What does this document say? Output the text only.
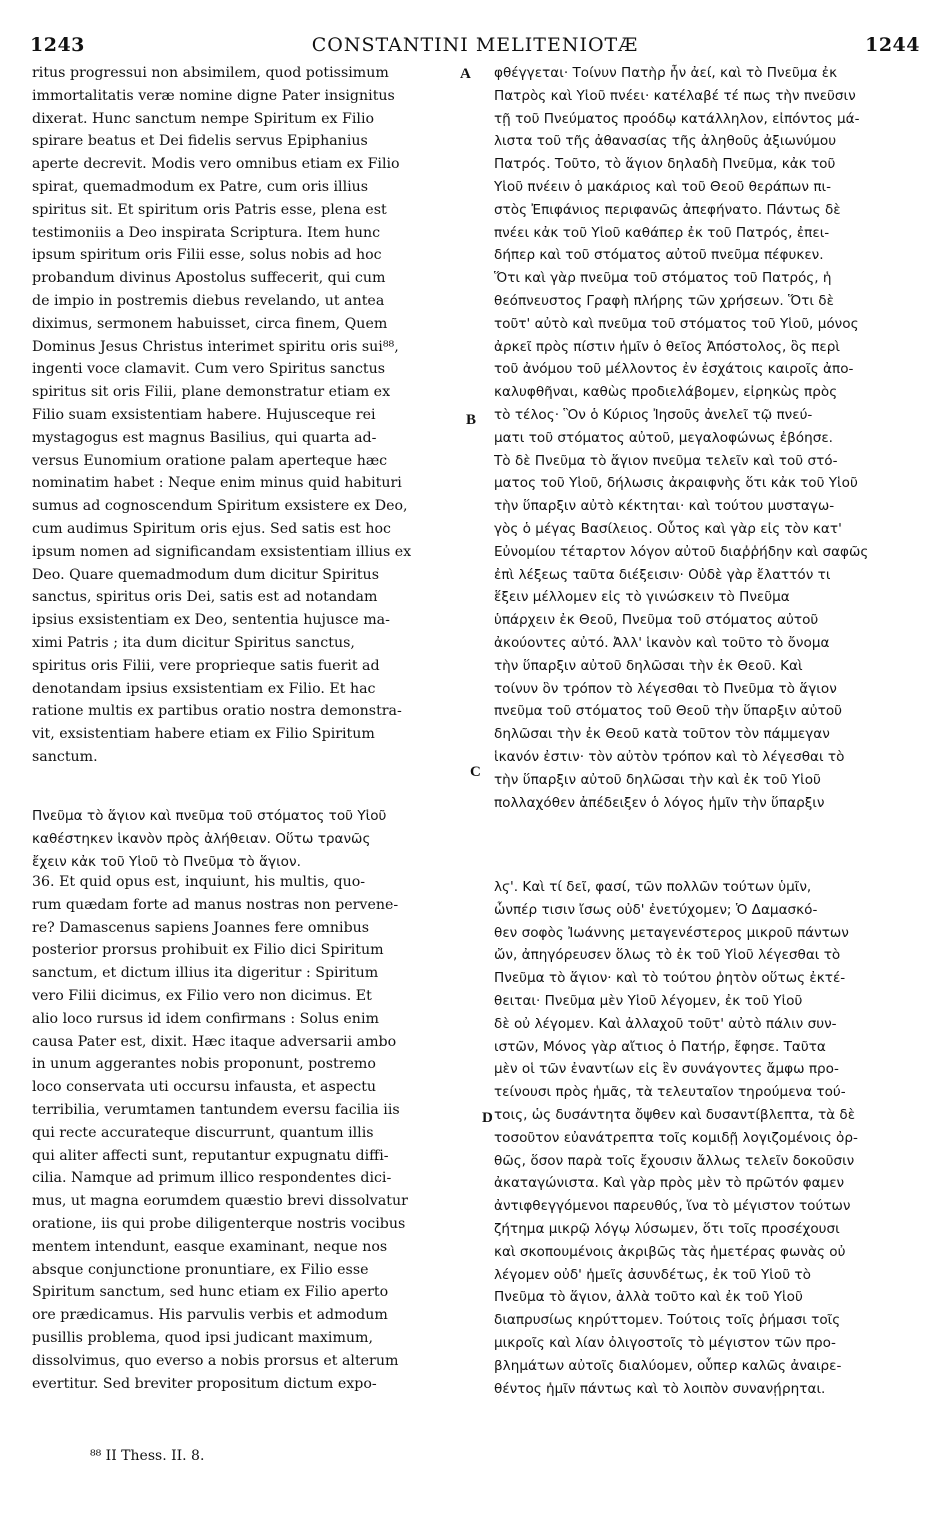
1243	CONSTANTINI MELITENIOTÆ	1244
ritus progressui non absimilem, quod potissimum
immortalitatis veræ nomine digne Pater insignitus
dixerat. Hunc sanctum nempe Spiritum ex Filio
spirare beatus et Dei fidelis servus Epiphanius
aperte decrevit. Modis vero omnibus etiam ex Filio
spirat, quemadmodum ex Patre, cum oris illius
spiritus sit. Et spiritum oris Patris esse, plena est
testimoniis a Deo inspirata Scriptura. Item hunc
ipsum spiritum oris Filii esse, solus nobis ad hoc
probandum divinus Apostolus suffecerit, qui cum
de impio in postremis diebus revelando, ut antea
diximus, sermonem habuisset, circa finem, Quem
Dominus Jesus Christus interimet spiritu oris sui⁸⁸,
ingenti voce clamavit. Cum vero Spiritus sanctus
spiritus sit oris Filii, plane demonstratur etiam ex
Filio suam exsistentiam habere. Hujusceque rei
mystagogus est magnus Basilius, qui quarta ad-
versus Eunomium oratione palam aperteque hæc
nominatim habet : Neque enim minus quid habituri
sumus ad cognoscendum Spiritum exsistere ex Deo,
cum audimus Spiritum oris ejus. Sed satis est hoc
ipsum nomen ad significandam exsistentiam illius ex
Deo. Quare quemadmodum dum dicitur Spiritus
sanctus, spiritus oris Dei, satis est ad notandam
ipsius exsistentiam ex Deo, sententia hujusce ma-
ximi Patris ; ita dum dicitur Spiritus sanctus,
spiritus oris Filii, vere proprieque satis fuerit ad
denotandam ipsius exsistentiam ex Filio. Et hac
ratione multis ex partibus oratio nostra demonstra-
vit, exsistentiam habere etiam ex Filio Spiritum
sanctum.
φθέγγεται· Τοίνυν Πατὴρ ἦν ἀεί, καὶ τὸ Πνεῦμα ἐκ
Πατρὸς καὶ Υἱοῦ πνέει· κατέλαβέ τέ πως τὴν πνεῦσιν
τῇ τοῦ Πνεύματος προόδῳ κατάλληλον, εἰπόντος μά-
λιστα τοῦ τῆς ἀθανασίας τῆς ἀληθοῦς ἀξιωνύμου
Πατρός. Τοῦτο, τὸ ἅγιον δηλαδὴ Πνεῦμα, κἀκ τοῦ
Υἱοῦ πνέειν ὁ μακάριος καὶ τοῦ Θεοῦ θεράπων πι-
στὸς Ἐπιφάνιος περιφανῶς ἀπεφήνατο. Πάντως δὲ
πνέει κἀκ τοῦ Υἱοῦ καθάπερ ἐκ τοῦ Πατρός, ἐπει-
δήπερ καὶ τοῦ στόματος αὐτοῦ πνεῦμα πέφυκεν.
Ὅτι καὶ γὰρ πνεῦμα τοῦ στόματος τοῦ Πατρός, ἡ
θεόπνευστος Γραφὴ πλήρης τῶν χρήσεων. Ὅτι δὲ
τοῦτ' αὐτὸ καὶ πνεῦμα τοῦ στόματος τοῦ Υἱοῦ, μόνος
ἀρκεῖ πρὸς πίστιν ἡμῖν ὁ θεῖος Ἀπόστολος, ὃς περὶ
τοῦ ἀνόμου τοῦ μέλλοντος ἐν ἐσχάτοις καιροῖς ἀπο-
καλυφθῆναι, καθὼς προδιελάβομεν, εἰρηκὼς πρὸς
τὸ τέλος· Ὃν ὁ Κύριος Ἰησοῦς ἀνελεῖ τῷ πνεύ-
ματι τοῦ στόματος αὐτοῦ, μεγαλοφώνως ἐβόησε.
Τὸ δὲ Πνεῦμα τὸ ἅγιον πνεῦμα τελεῖν καὶ τοῦ στό-
ματος τοῦ Υἱοῦ, δήλωσις ἀκραιφνὴς ὅτι κἀκ τοῦ Υἱοῦ
τὴν ὕπαρξιν αὐτὸ κέκτηται· καὶ τούτου μυσταγω-
γὸς ὁ μέγας Βασίλειος. Οὗτος καὶ γὰρ εἰς τὸν κατ'
Εὐνομίου τέταρτον λόγον αὐτοῦ διαῤῥήδην καὶ σαφῶς
ἐπὶ λέξεως ταῦτα διέξεισιν· Οὐδὲ γὰρ ἔλαττόν τι
ἕξειν μέλλομεν εἰς τὸ γινώσκειν τὸ Πνεῦμα
ὑπάρχειν ἐκ Θεοῦ, Πνεῦμα τοῦ στόματος αὐτοῦ
ἀκούοντες αὐτό. Ἀλλ' ἱκανὸν καὶ τοῦτο τὸ ὄνομα
τὴν ὕπαρξιν αὐτοῦ δηλῶσαι τὴν ἐκ Θεοῦ. Καὶ
τοίνυν ὃν τρόπον τὸ λέγεσθαι τὸ Πνεῦμα τὸ ἅγιον
πνεῦμα τοῦ στόματος τοῦ Θεοῦ τὴν ὕπαρξιν αὐτοῦ
δηλῶσαι τὴν ἐκ Θεοῦ κατὰ τοῦτον τὸν πάμμεγαν
ἱκανόν ἐστιν· τὸν αὐτὸν τρόπον καὶ τὸ λέγεσθαι τὸ
τὴν ὕπαρξιν αὐτοῦ δηλῶσαι τὴν καὶ ἐκ τοῦ Υἱοῦ
πολλαχόθεν ἀπέδειξεν ὁ λόγος ἡμῖν τὴν ὕπαρξιν
Πνεῦμα τὸ ἅγιον καὶ πνεῦμα τοῦ στόματος τοῦ Υἱοῦ
καθέστηκεν ἱκανὸν πρὸς ἀλήθειαν. Οὕτω τρανῶς
ἔχειν κἀκ τοῦ Υἱοῦ τὸ Πνεῦμα τὸ ἅγιον.
36. Et quid opus est, inquiunt, his multis, quo-
rum quædam forte ad manus nostras non pervene-
re? Damascenus sapiens Joannes fere omnibus
posterior prorsus prohibuit ex Filio dici Spiritum
sanctum, et dictum illius ita digeritur : Spiritum
vero Filii dicimus, ex Filio vero non dicimus. Et
alio loco rursus id idem confirmans : Solus enim
causa Pater est, dixit. Hæc itaque adversarii ambo
in unum aggerantes nobis proponunt, postremo
loco conservata uti occursu infausta, et aspectu
terribilia, verumtamen tantundem eversu facilia iis
qui recte accurateque discurrunt, quantum illis
qui aliter affecti sunt, reputantur expugnatu diffi-
cilia. Namque ad primum illico respondentes dici-
mus, ut magna eorumdem quæstio brevi dissolvatur
oratione, iis qui probe diligenterque nostris vocibus
mentem intendunt, easque examinant, neque nos
absque conjunctione pronuntiare, ex Filio esse
Spiritum sanctum, sed hunc etiam ex Filio aperto
ore prædicamus. His parvulis verbis et admodum
pusillis problema, quod ipsi judicant maximum,
dissolvimus, quo everso a nobis prorsus et alterum
evertitur. Sed breviter propositum dictum expo-
λϛ'. Καὶ τί δεῖ, φασί, τῶν πολλῶν τούτων ὑμῖν,
ὧνπέρ τισιν ἴσως οὐδ' ἐνετύχομεν; Ὁ Δαμασκό-
θεν σοφὸς Ἰωάννης μεταγενέστερος μικροῦ πάντων
ὤν, ἀπηγόρευσεν ὅλως τὸ ἐκ τοῦ Υἱοῦ λέγεσθαι τὸ
Πνεῦμα τὸ ἅγιον· καὶ τὸ τούτου ῥητὸν οὕτως ἐκτέ-
θειται· Πνεῦμα μὲν Υἱοῦ λέγομεν, ἐκ τοῦ Υἱοῦ
δὲ οὐ λέγομεν. Καὶ ἀλλαχοῦ τοῦτ' αὐτὸ πάλιν συν-
ιστῶν, Μόνος γὰρ αἴτιος ὁ Πατήρ, ἔφησε. Ταῦτα
μὲν οἱ τῶν ἐναντίων εἰς ἓν συνάγοντες ἄμφω προ-
τείνουσι πρὸς ἡμᾶς, τὰ τελευταῖον τηρούμενα τού-
τοις, ὡς δυσάντητα ὄψθεν καὶ δυσαντίβλεπτα, τὰ δὲ
τοσοῦτον εὐανάτρεπτα τοῖς κομιδῇ λογιζομένοις ὀρ-
θῶς, ὅσον παρὰ τοῖς ἔχουσιν ἄλλως τελεῖν δοκοῦσιν
ἀκαταγώνιστα. Καὶ γὰρ πρὸς μὲν τὸ πρῶτόν φαμεν
ἀντιφθεγγόμενοι παρευθύς, ἵνα τὸ μέγιστον τούτων
ζήτημα μικρῷ λόγῳ λύσωμεν, ὅτι τοῖς προσέχουσι
καὶ σκοπουμένοις ἀκριβῶς τὰς ἡμετέρας φωνὰς οὐ
λέγομεν οὐδ' ἡμεῖς ἀσυνδέτως, ἐκ τοῦ Υἱοῦ τὸ
Πνεῦμα τὸ ἅγιον, ἀλλὰ τοῦτο καὶ ἐκ τοῦ Υἱοῦ
διαπρυσίως κηρύττομεν. Τούτοις τοῖς ῥήμασι τοῖς
μικροῖς καὶ λίαν ὀλιγοστοῖς τὸ μέγιστον τῶν προ-
βλημάτων αὐτοῖς διαλύομεν, οὗπερ καλῶς ἀναιρε-
θέντος ἡμῖν πάντως καὶ τὸ λοιπὸν συνανῄρηται.
A
B
C
D
⁸⁸ II Thess. II. 8.
